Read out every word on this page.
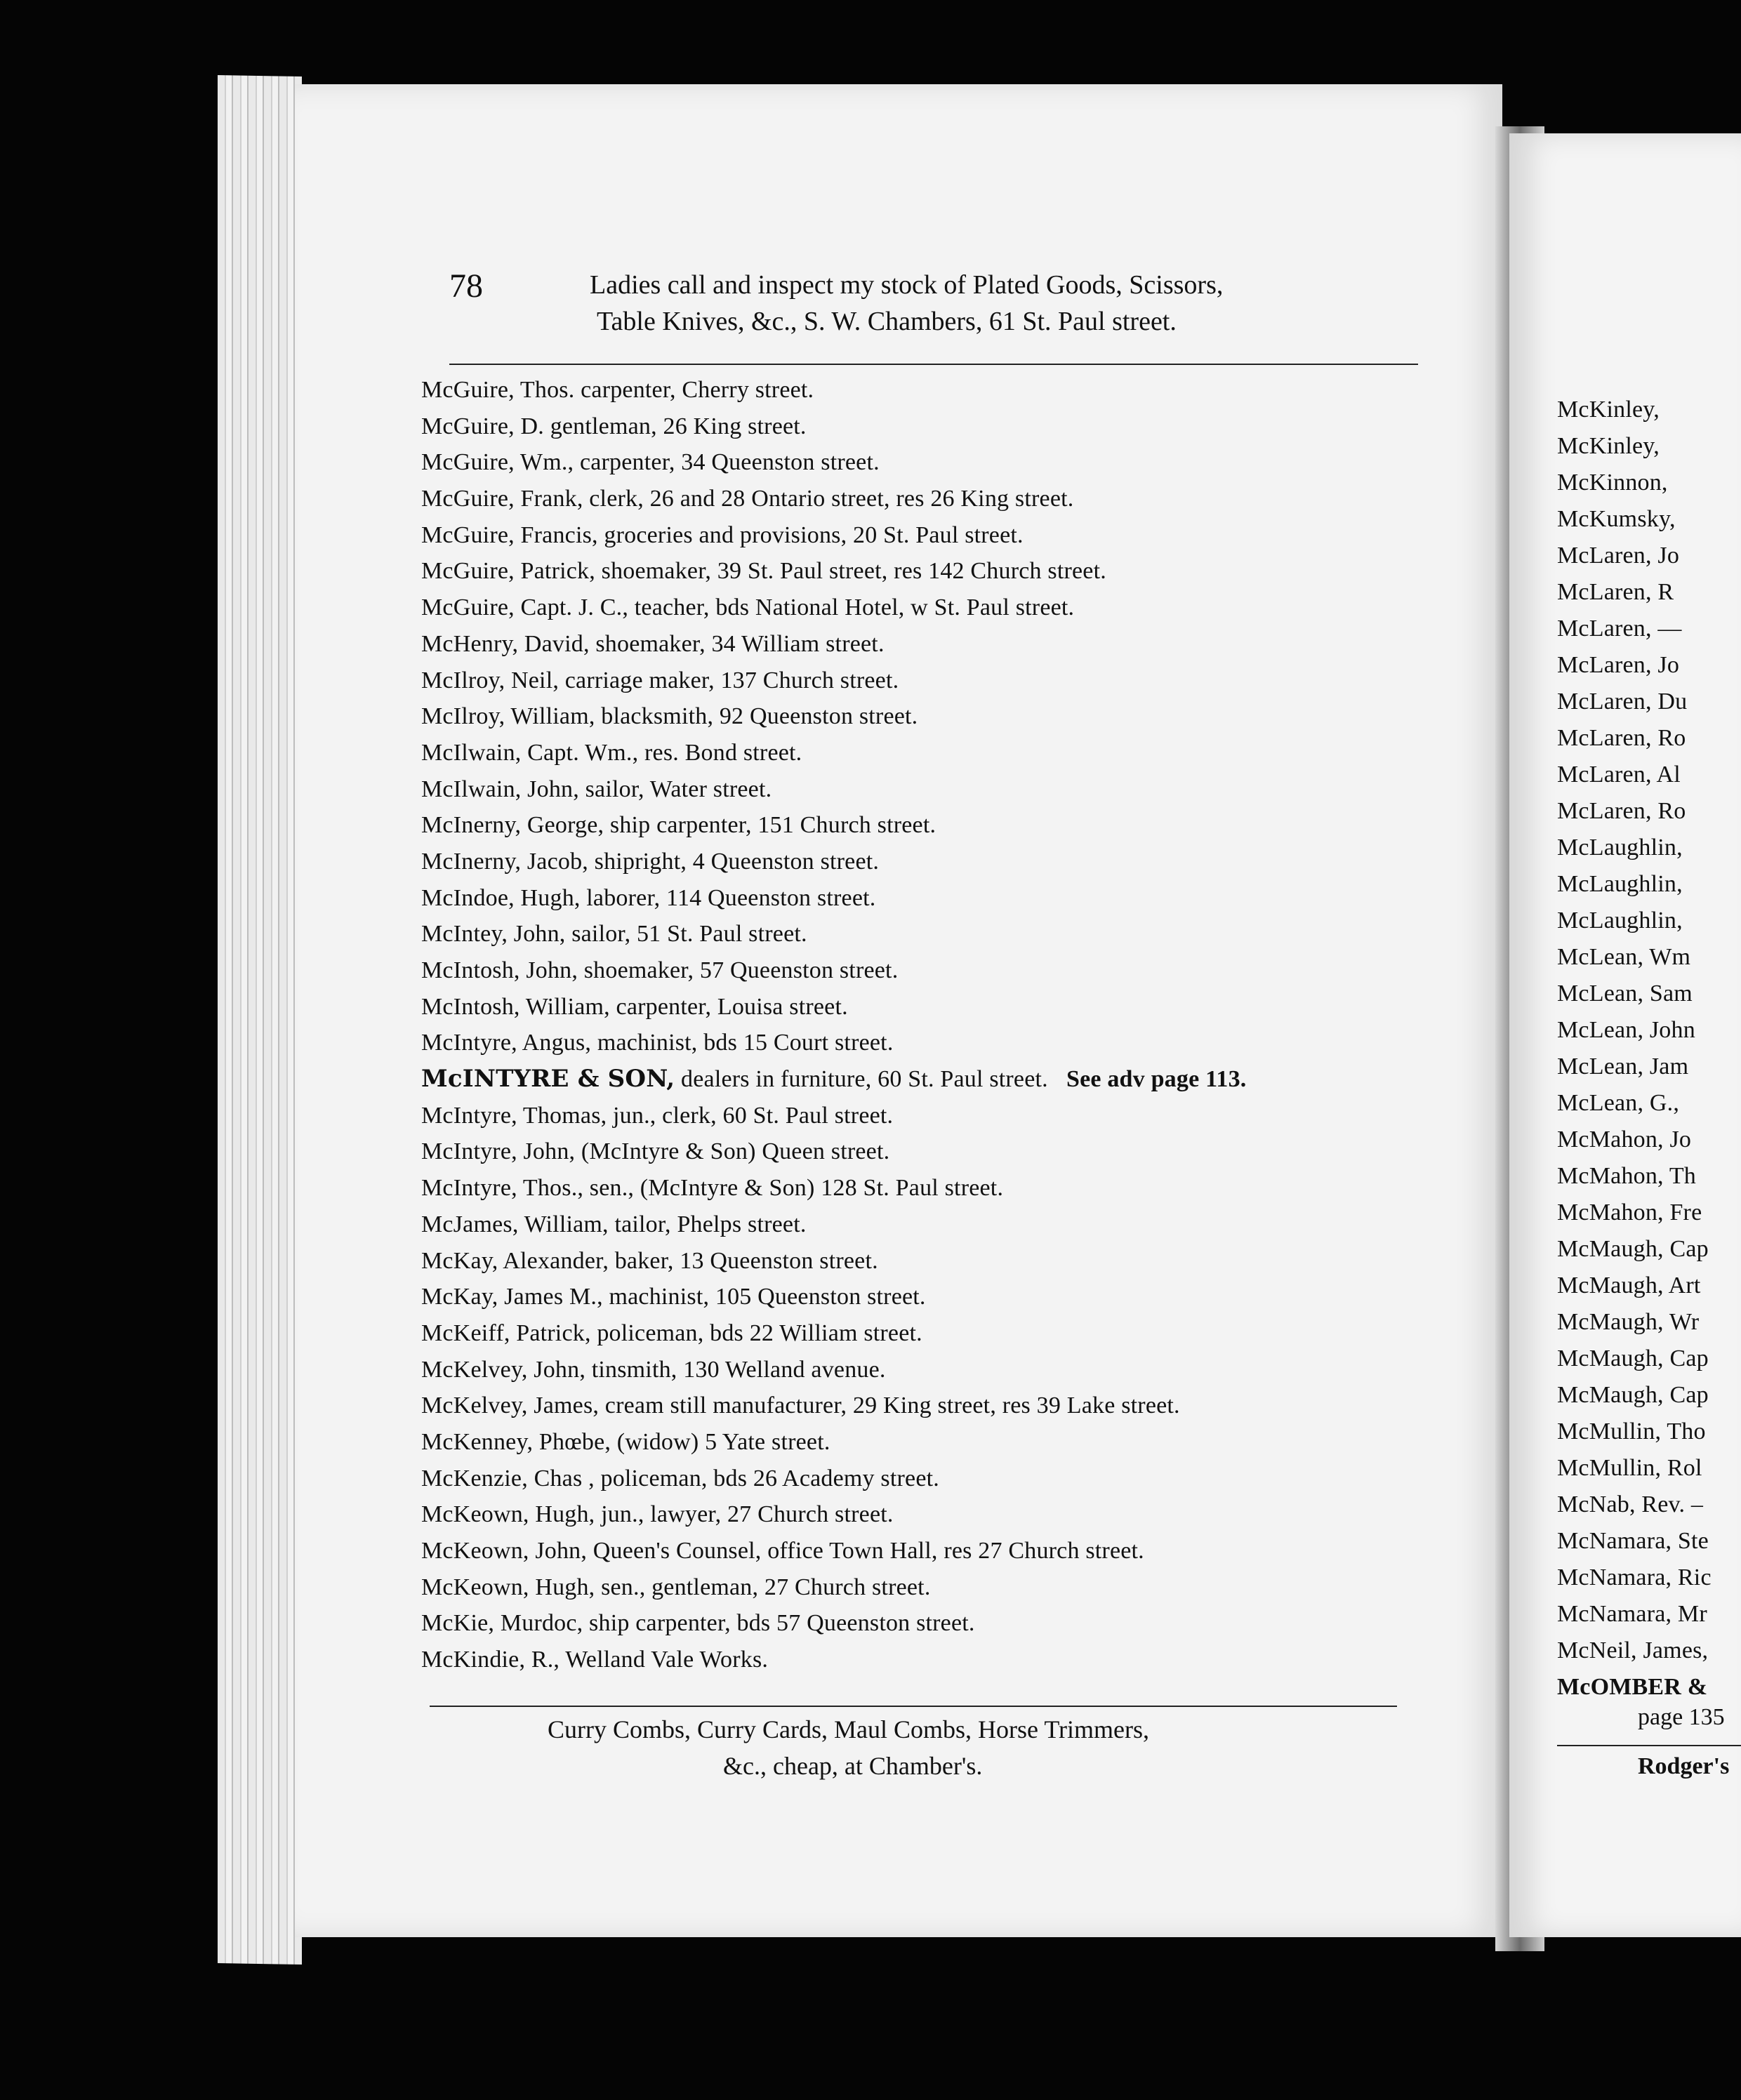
78	Ladies call and inspect my stock of Plated Goods, Scissors,
Table Knives, &c., S. W. Chambers, 61 St. Paul street.
McGuire, Thos. carpenter, Cherry street.
McGuire, D. gentleman, 26 King street.
McGuire, Wm., carpenter, 34 Queenston street.
McGuire, Frank, clerk, 26 and 28 Ontario street, res 26 King street.
McGuire, Francis, groceries and provisions, 20 St. Paul street.
McGuire, Patrick, shoemaker, 39 St. Paul street, res 142 Church street.
McGuire, Capt. J. C., teacher, bds National Hotel, w St. Paul street.
McHenry, David, shoemaker, 34 William street.
McIlroy, Neil, carriage maker, 137 Church street.
McIlroy, William, blacksmith, 92 Queenston street.
McIlwain, Capt. Wm., res. Bond street.
McIlwain, John, sailor, Water street.
McInerny, George, ship carpenter, 151 Church street.
McInerny, Jacob, shipright, 4 Queenston street.
McIndoe, Hugh, laborer, 114 Queenston street.
McIntey, John, sailor, 51 St. Paul street.
McIntosh, John, shoemaker, 57 Queenston street.
McIntosh, William, carpenter, Louisa street.
McIntyre, Angus, machinist, bds 15 Court street.
McINTYRE & SON, dealers in furniture, 60 St. Paul street. See adv page 113.
McIntyre, Thomas, jun., clerk, 60 St. Paul street.
McIntyre, John, (McIntyre & Son) Queen street.
McIntyre, Thos., sen., (McIntyre & Son) 128 St. Paul street.
McJames, William, tailor, Phelps street.
McKay, Alexander, baker, 13 Queenston street.
McKay, James M., machinist, 105 Queenston street.
McKeiff, Patrick, policeman, bds 22 William street.
McKelvey, John, tinsmith, 130 Welland avenue.
McKelvey, James, cream still manufacturer, 29 King street, res 39 Lake street.
McKenney, Phœbe, (widow) 5 Yate street.
McKenzie, Chas , policeman, bds 26 Academy street.
McKeown, Hugh, jun., lawyer, 27 Church street.
McKeown, John, Queen's Counsel, office Town Hall, res 27 Church street.
McKeown, Hugh, sen., gentleman, 27 Church street.
McKie, Murdoc, ship carpenter, bds 57 Queenston street.
McKindie, R., Welland Vale Works.
Curry Combs, Curry Cards, Maul Combs, Horse Trimmers,
&c., cheap, at Chamber's.
McKinley,
McKinley,
McKinnon,
McKumsky,
McLaren, Jo
McLaren, R
McLaren, —
McLaren, Jo
McLaren, Du
McLaren, Ro
McLaren, Al
McLaren, Ro
McLaughlin,
McLaughlin,
McLaughlin,
McLean, Wm
McLean, Sam
McLean, John
McLean, Jam
McLean, G.,
McMahon, Jo
McMahon, Th
McMahon, Fre
McMaugh, Cap
McMaugh, Art
McMaugh, Wr
McMaugh, Cap
McMaugh, Cap
McMullin, Tho
McMullin, Rol
McNab, Rev. –
McNamara, Ste
McNamara, Ric
McNamara, Mr
McNeil, James,
McOMBER &
page 135
Rodger's
